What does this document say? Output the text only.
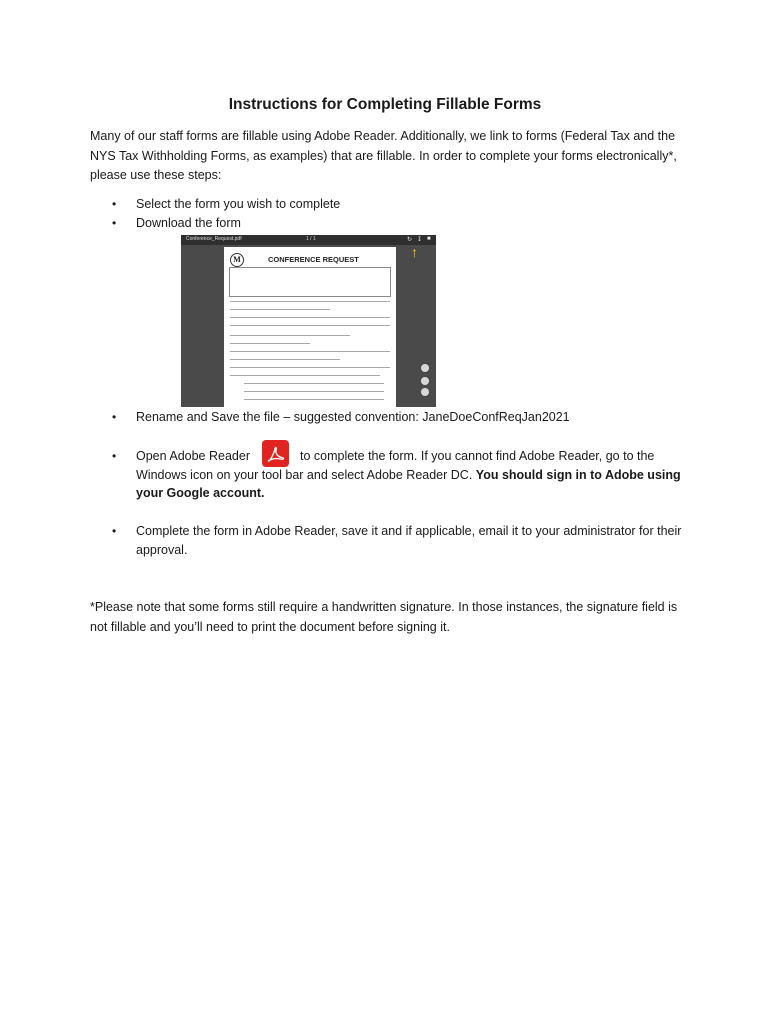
Instructions for Completing Fillable Forms

Many of our staff forms are fillable using Adobe Reader. Additionally, we link to forms (Federal Tax and the NYS Tax Withholding Forms, as examples) that are fillable. In order to complete your forms electronically*, please use these steps:

• Select the form you wish to complete
• Download the form
Conference_Request.pdf	1 / 1	↻ ↧ ■
↑
M	CONFERENCE REQUEST
• Rename and Save the file – suggested convention: JaneDoeConfReqJan2021
• Open Adobe Reader	to complete the form. If you cannot find Adobe Reader, go to the Windows icon on your tool bar and select Adobe Reader DC. You should sign in to Adobe using your Google account.
• Complete the form in Adobe Reader, save it and if applicable, email it to your administrator for their approval.

*Please note that some forms still require a handwritten signature. In those instances, the signature field is not fillable and you’ll need to print the document before signing it.
